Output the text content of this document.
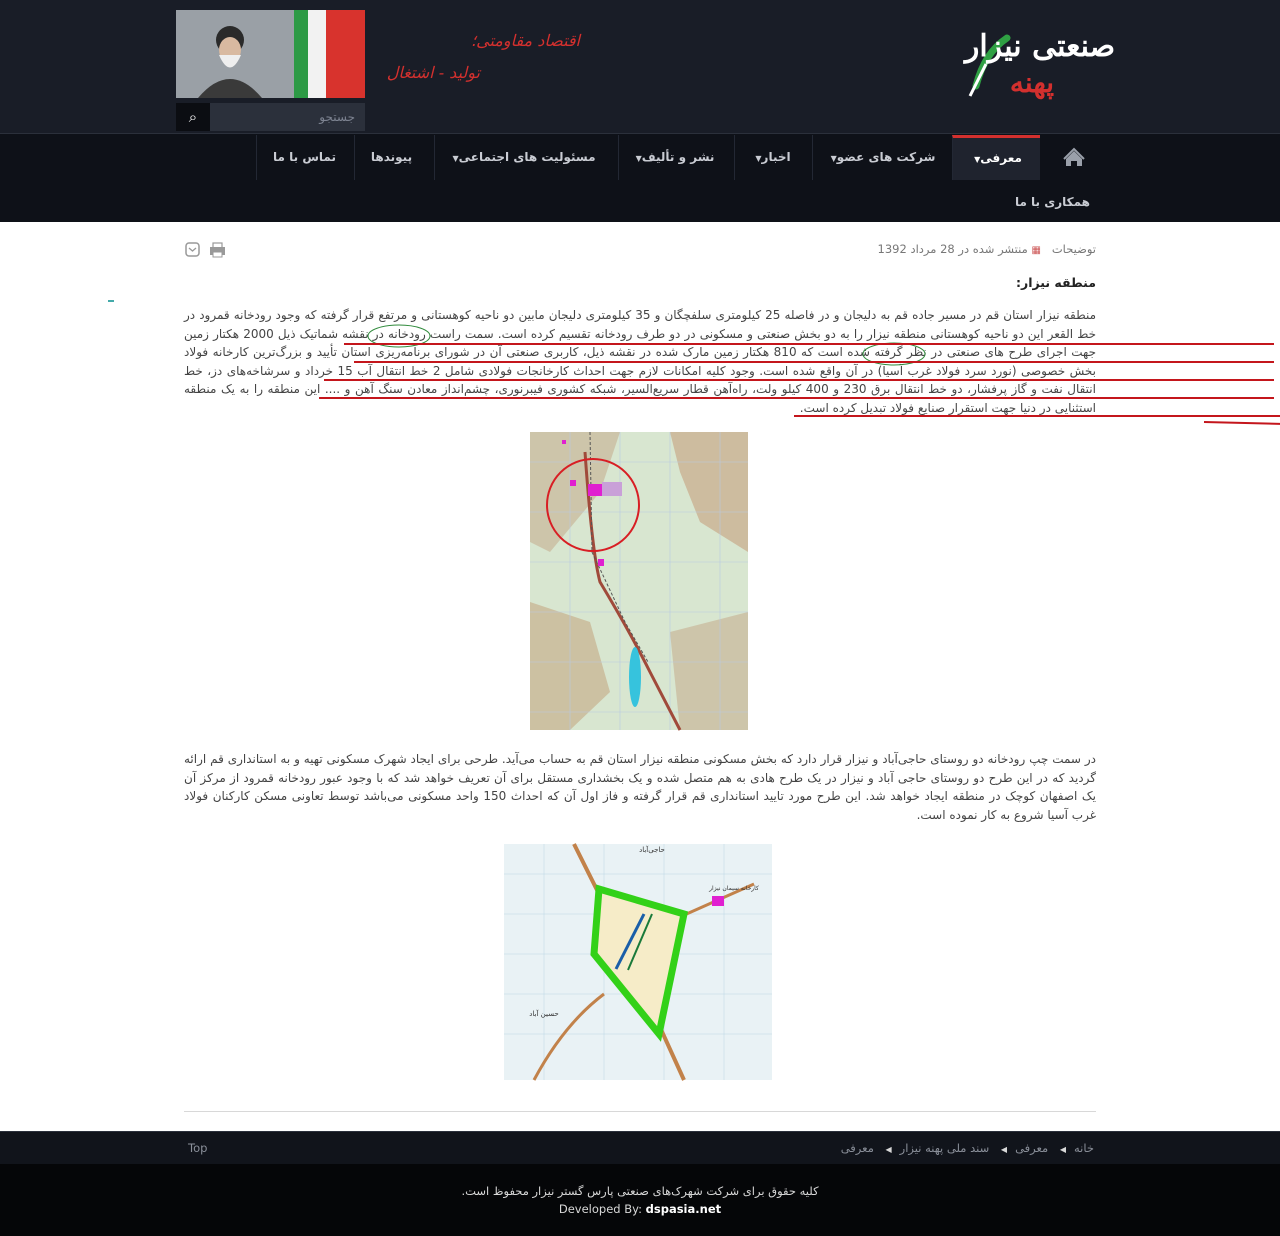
صنعتی نیزار
پهنه
اقتصاد مقاومتی؛
تولید - اشتغال
⌕
جستجو
معرفی▼
شرکت های عضو▼
اخبار▼
نشر و تألیف▼
مسئولیت های اجتماعی▼
پیوندها
تماس با ما
همکاری با ما
توضیحات   ▦ منتشر شده در 28 مرداد 1392
منطقه نیزار:
منطقه نیزار استان قم در مسیر جاده قم به دلیجان و در فاصله 25 کیلومتری سلفچگان و 35 کیلومتری دلیجان مابین دو ناحیه کوهستانی و مرتفع قرار گرفته که وجود رودخانه قمرود در خط القعر این دو ناحیه کوهستانی منطقه نیزار را به دو بخش صنعتی و مسکونی در دو طرف رودخانه تقسیم کرده است. سمت راست رودخانه در نقشه شماتیک ذیل 2000 هکتار زمین جهت اجرای طرح های صنعتی در نظر گرفته شده است که 810 هکتار زمین مارک شده در نقشه ذیل، کاربری صنعتی آن در شورای برنامه‌ریزی استان تأیید و بزرگ‌ترین کارخانه فولاد بخش خصوصی (نورد سرد فولاد غرب آسیا) در آن واقع شده است. وجود کلیه امکانات لازم جهت احداث کارخانجات فولادی شامل 2 خط انتقال آب 15 خرداد و سرشاخه‌های دز، خط انتقال نفت و گاز پرفشار، دو خط انتقال برق 230 و 400 کیلو ولت، راه‌آهن قطار سریع‌السیر، شبکه کشوری فیبرنوری، چشم‌انداز معادن سنگ آهن و .... این منطقه را به یک منطقه استثنایی در دنیا جهت استقرار صنایع فولاد تبدیل کرده است.
در سمت چپ رودخانه دو روستای حاجی‌آباد و نیزار قرار دارد که بخش مسکونی منطقه نیزار استان قم به حساب می‌آید. طرحی برای ایجاد شهرک مسکونی تهیه و به استانداری قم ارائه گردید که در این طرح دو روستای حاجی آباد و نیزار در یک طرح هادی به هم متصل شده و یک بخشداری مستقل برای آن تعریف خواهد شد که با وجود عبور رودخانه قمرود از مرکز آن یک اصفهان کوچک در منطقه ایجاد خواهد شد. این طرح مورد تایید استانداری قم قرار گرفته و فاز اول آن که احداث 150 واحد مسکونی می‌باشد توسط تعاونی مسکن کارکنان فولاد غرب آسیا شروع به کار نموده است.
حاجی‌آباد
حسین آباد
کارخانه سیمان نیزار
Top	خانه◀ معرفی◀ سند ملی پهنه نیزار◀ معرفی
کلیه حقوق برای شرکت شهرک‌های صنعتی پارس گستر نیزار محفوظ است.
Developed By: dspasia.net
